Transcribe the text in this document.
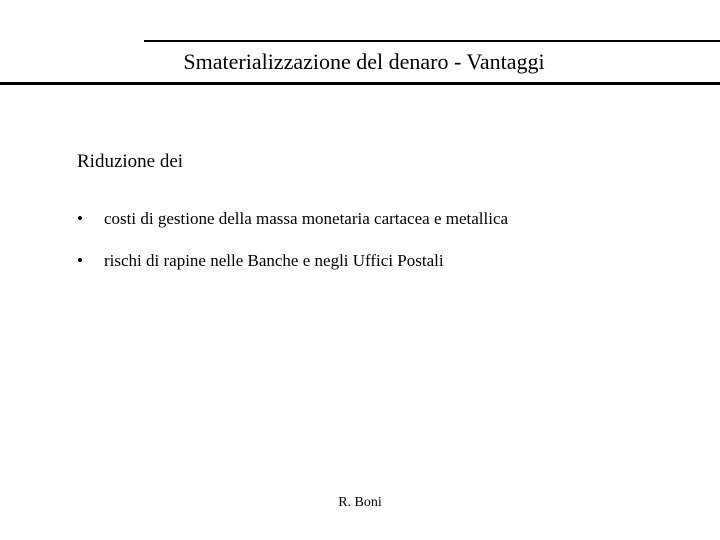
Smaterializzazione del denaro - Vantaggi
Riduzione dei
• costi di gestione della massa monetaria cartacea e metallica
• rischi di rapine nelle Banche e negli Uffici Postali
R. Boni
